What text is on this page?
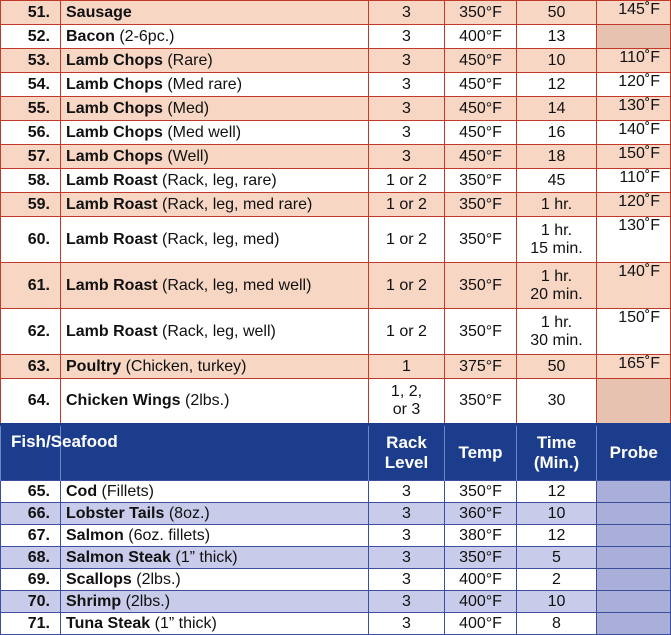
51.	Sausage	3	350°F	50	145˚F
52.	Bacon (2-6pc.)	3	400°F	13	
53.	Lamb Chops (Rare)	3	450°F	10	110˚F
54.	Lamb Chops (Med rare)	3	450°F	12	120˚F
55.	Lamb Chops (Med)	3	450°F	14	130˚F
56.	Lamb Chops (Med well)	3	450°F	16	140˚F
57.	Lamb Chops (Well)	3	450°F	18	150˚F
58.	Lamb Roast (Rack, leg, rare)	1 or 2	350°F	45	110˚F
59.	Lamb Roast (Rack, leg, med rare)	1 or 2	350°F	1 hr.	120˚F
60.	Lamb Roast (Rack, leg, med)	1 or 2	350°F	1 hr.
15 min.	130˚F
61.	Lamb Roast (Rack, leg, med well)	1 or 2	350°F	1 hr.
20 min.	140˚F
62.	Lamb Roast (Rack, leg, well)	1 or 2	350°F	1 hr.
30 min.	150˚F
63.	Poultry (Chicken, turkey)	1	375°F	50	165˚F
64.	Chicken Wings (2lbs.)	1, 2,
or 3	350°F	30	
Fish/Seafood		Rack
Level	Temp	Time
(Min.)	Probe
65.	Cod (Fillets)	3	350°F	12	
66.	Lobster Tails (8oz.)	3	360°F	10	
67.	Salmon (6oz. fillets)	3	380°F	12	
68.	Salmon Steak (1” thick)	3	350°F	5	
69.	Scallops (2lbs.)	3	400°F	2	
70.	Shrimp (2lbs.)	3	400°F	10	
71.	Tuna Steak (1” thick)	3	400°F	8	
